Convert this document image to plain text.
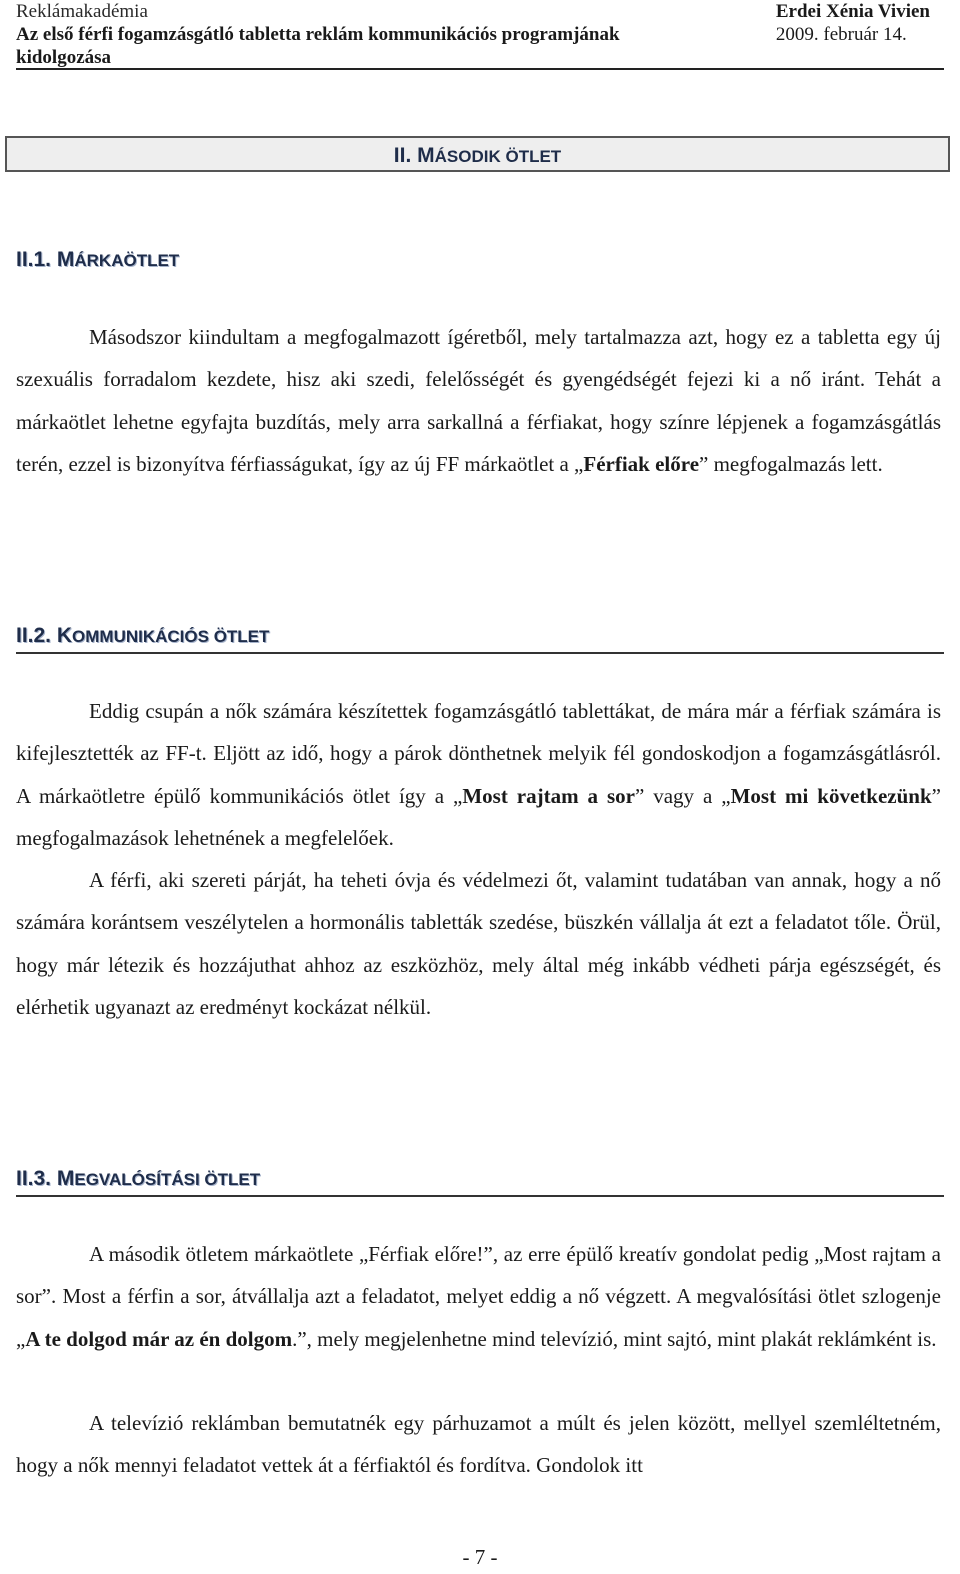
Reklámakadémia
Az első férfi fogamzásgátló tabletta reklám kommunikációs programjának
kidolgozása
Erdei Xénia Vivien
2009. február 14.
II. MÁSODIK ÖTLET
II.1. MÁRKAÖTLET
Másodszor kiindultam a megfogalmazott ígéretből, mely tartalmazza azt, hogy ez a tabletta egy új szexuális forradalom kezdete, hisz aki szedi, felelősségét és gyengédségét fejezi ki a nő iránt. Tehát a márkaötlet lehetne egyfajta buzdítás, mely arra sarkallná a férfiakat, hogy színre lépjenek a fogamzásgátlás terén, ezzel is bizonyítva férfiasságukat, így az új FF márkaötlet a „Férfiak előre” megfogalmazás lett.
II.2. KOMMUNIKÁCIÓS ÖTLET
Eddig csupán a nők számára készítettek fogamzásgátló tablettákat, de mára már a férfiak számára is kifejlesztették az FF-t. Eljött az idő, hogy a párok dönthetnek melyik fél gondoskodjon a fogamzásgátlásról. A márkaötletre épülő kommunikációs ötlet így a „Most rajtam a sor” vagy a „Most mi következünk” megfogalmazások lehetnének a megfelelőek.
A férfi, aki szereti párját, ha teheti óvja és védelmezi őt, valamint tudatában van annak, hogy a nő számára korántsem veszélytelen a hormonális tabletták szedése, büszkén vállalja át ezt a feladatot tőle. Örül, hogy már létezik és hozzájuthat ahhoz az eszközhöz, mely által még inkább védheti párja egészségét, és elérhetik ugyanazt az eredményt kockázat nélkül.
II.3. MEGVALÓSÍTÁSI ÖTLET
A második ötletem márkaötlete „Férfiak előre!”, az erre épülő kreatív gondolat pedig „Most rajtam a sor”. Most a férfin a sor, átvállalja azt a feladatot, melyet eddig a nő végzett. A megvalósítási ötlet szlogenje „A te dolgod már az én dolgom.”, mely megjelenhetne mind televízió, mint sajtó, mint plakát reklámként is.
A televízió reklámban bemutatnék egy párhuzamot a múlt és jelen között, mellyel szemléltetném, hogy a nők mennyi feladatot vettek át a férfiaktól és fordítva. Gondolok itt
- 7 -
